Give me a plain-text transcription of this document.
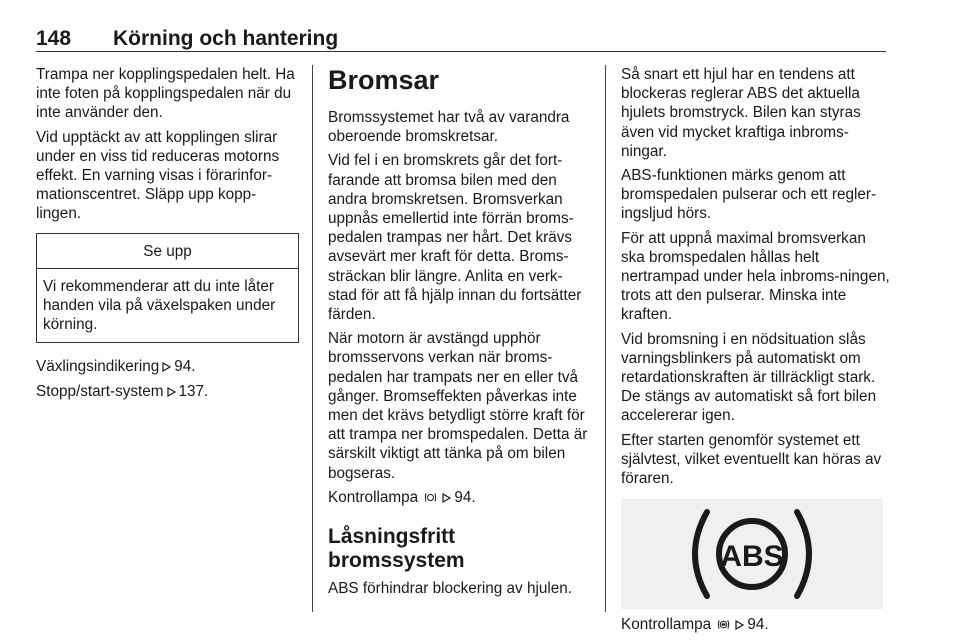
148 Körning och hantering

Trampa ner kopplingspedalen helt. Ha inte foten på kopplingspedalen när du inte använder den.

Vid upptäckt av att kopplingen slirar under en viss tid reduceras motorns effekt. En varning visas i förarinfor-mationscentret. Släpp upp kopp-lingen.

Se upp
Vi rekommenderar att du inte låter handen vila på växelspaken under körning.

Växlingsindikering 94.

Stopp/start-system 137.

Bromsar

Bromssystemet har två av varandra oberoende bromskretsar.

Vid fel i en bromskrets går det fort-farande att bromsa bilen med den andra bromskretsen. Bromsverkan uppnås emellertid inte förrän broms-pedalen trampas ner hårt. Det krävs avsevärt mer kraft för detta. Broms-sträckan blir längre. Anlita en verk-stad för att få hjälp innan du fortsätter färden.

När motorn är avstängd upphör bromsservons verkan när broms-pedalen har trampats ner en eller två gånger. Bromseffekten påverkas inte men det krävs betydligt större kraft för att trampa ner bromspedalen. Detta är särskilt viktigt att tänka på om bilen bogseras.

Kontrollampa 94.

Låsningsfritt bromssystem

ABS förhindrar blockering av hjulen.

Så snart ett hjul har en tendens att blockeras reglerar ABS det aktuella hjulets bromstryck. Bilen kan styras även vid mycket kraftiga inbroms-ningar.

ABS-funktionen märks genom att bromspedalen pulserar och ett regler-ingsljud hörs.

För att uppnå maximal bromsverkan ska bromspedalen hållas helt nertrampad under hela inbroms-ningen, trots att den pulserar. Minska inte kraften.

Vid bromsning i en nödsituation slås varningsblinkers på automatiskt om retardationskraften är tillräckligt stark. De stängs av automatiskt så fort bilen accelererar igen.

Efter starten genomför systemet ett självtest, vilket eventuellt kan höras av föraren.

ABS

Kontrollampa 94.
